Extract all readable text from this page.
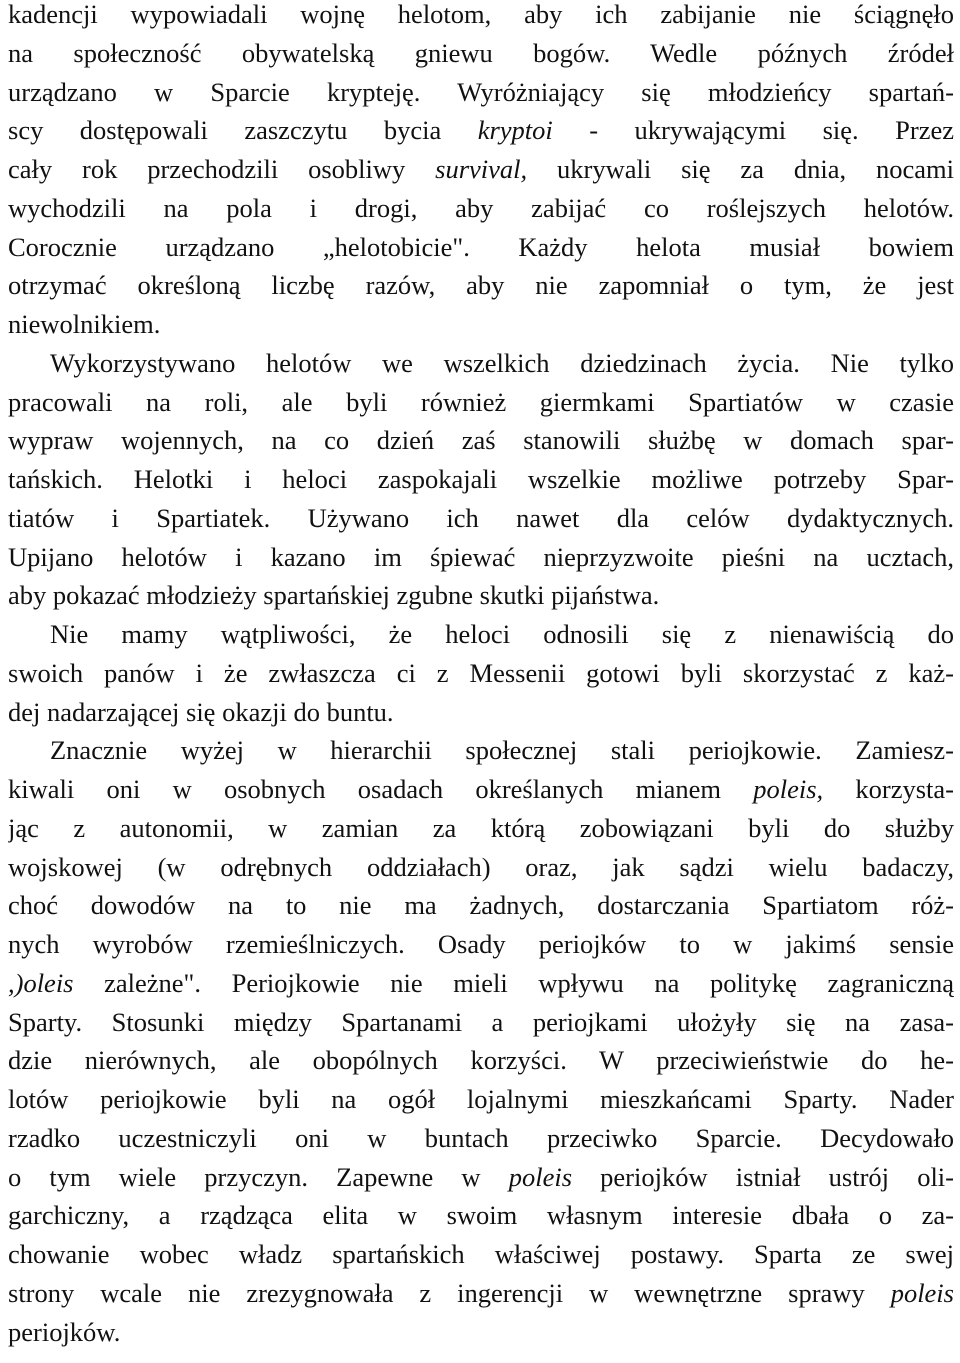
kadencji wypowiadali wojnę helotom, aby ich zabijanie nie ściągnęło
na społeczność obywatelską gniewu bogów. Wedle późnych źródeł
urządzano w Sparcie krypteję. Wyróżniający się młodzieńcy spartań-
scy dostępowali zaszczytu bycia kryptoi - ukrywającymi się. Przez
cały rok przechodzili osobliwy survival, ukrywali się za dnia, nocami
wychodzili na pola i drogi, aby zabijać co roślejszych helotów.
Corocznie urządzano „helotobicie". Każdy helota musiał bowiem
otrzymać określoną liczbę razów, aby nie zapomniał o tym, że jest
niewolnikiem.
Wykorzystywano helotów we wszelkich dziedzinach życia. Nie tylko
pracowali na roli, ale byli również giermkami Spartiatów w czasie
wypraw wojennych, na co dzień zaś stanowili służbę w domach spar-
tańskich. Helotki i heloci zaspokajali wszelkie możliwe potrzeby Spar-
tiatów i Spartiatek. Używano ich nawet dla celów dydaktycznych.
Upijano helotów i kazano im śpiewać nieprzyzwoite pieśni na ucztach,
aby pokazać młodzieży spartańskiej zgubne skutki pijaństwa.
Nie mamy wątpliwości, że heloci odnosili się z nienawiścią do
swoich panów i że zwłaszcza ci z Messenii gotowi byli skorzystać z każ-
dej nadarzającej się okazji do buntu.
Znacznie wyżej w hierarchii społecznej stali periojkowie. Zamiesz-
kiwali oni w osobnych osadach określanych mianem poleis, korzysta-
jąc z autonomii, w zamian za którą zobowiązani byli do służby
wojskowej (w odrębnych oddziałach) oraz, jak sądzi wielu badaczy,
choć dowodów na to nie ma żadnych, dostarczania Spartiatom róż-
nych wyrobów rzemieślniczych. Osady periojków to w jakimś sensie
,)oleis zależne". Periojkowie nie mieli wpływu na politykę zagraniczną
Sparty. Stosunki między Spartanami a periojkami ułożyły się na zasa-
dzie nierównych, ale obopólnych korzyści. W przeciwieństwie do he-
lotów periojkowie byli na ogół lojalnymi mieszkańcami Sparty. Nader
rzadko uczestniczyli oni w buntach przeciwko Sparcie. Decydowało
o tym wiele przyczyn. Zapewne w poleis periojków istniał ustrój oli-
garchiczny, a rządząca elita w swoim własnym interesie dbała o za-
chowanie wobec władz spartańskich właściwej postawy. Sparta ze swej
strony wcale nie zrezygnowała z ingerencji w wewnętrzne sprawy poleis
periojków.
